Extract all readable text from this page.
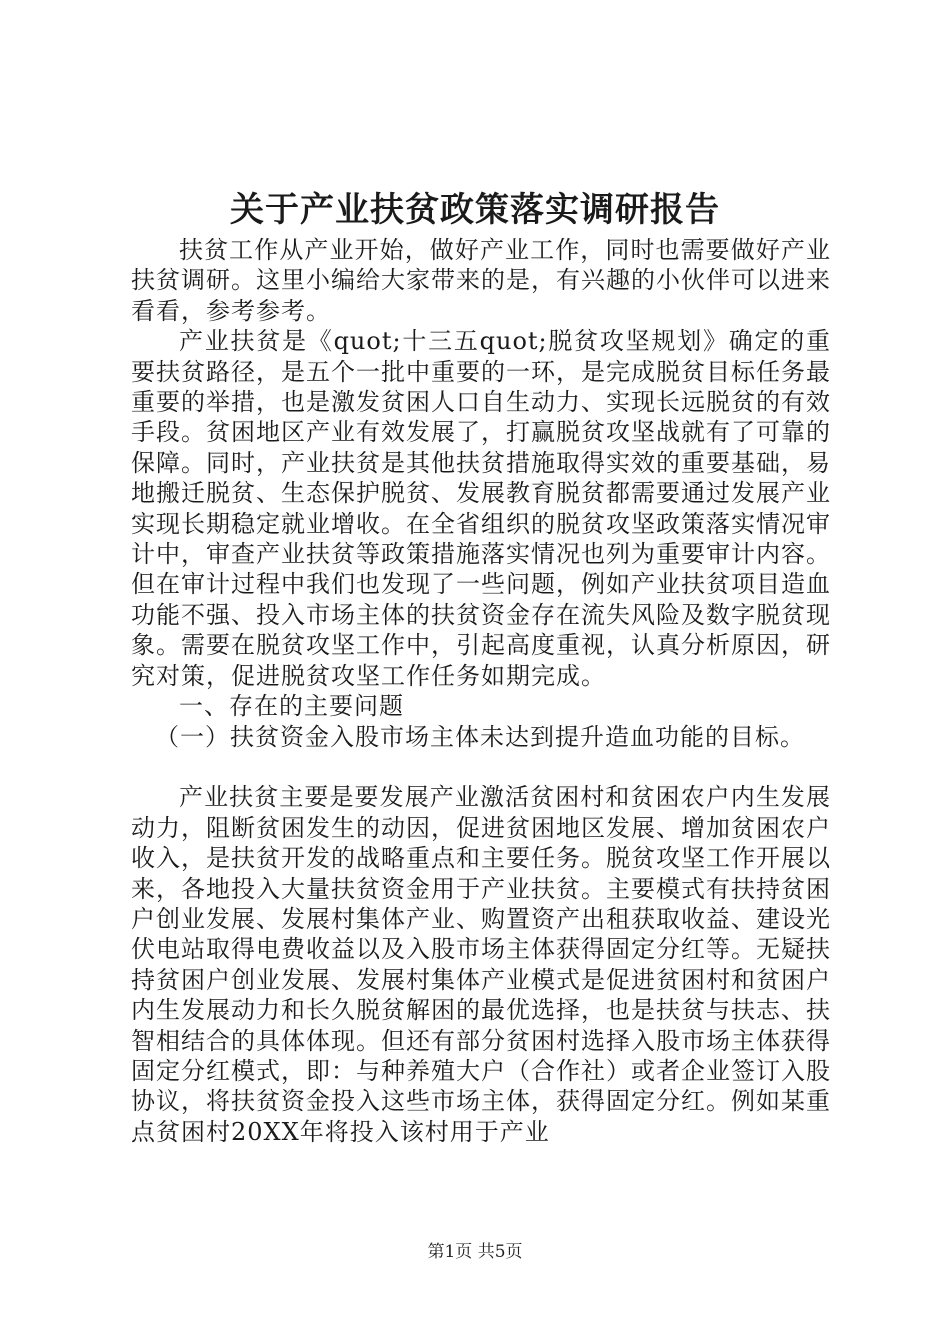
关于产业扶贫政策落实调研报告

扶贫工作从产业开始，做好产业工作，同时也需要做好产业扶贫调研。这里小编给大家带来的是，有兴趣的小伙伴可以进来看看，参考参考。

产业扶贫是《quot;十三五quot;脱贫攻坚规划》确定的重要扶贫路径，是五个一批中重要的一环，是完成脱贫目标任务最重要的举措，也是激发贫困人口自生动力、实现长远脱贫的有效手段。贫困地区产业有效发展了，打赢脱贫攻坚战就有了可靠的保障。同时，产业扶贫是其他扶贫措施取得实效的重要基础，易地搬迁脱贫、生态保护脱贫、发展教育脱贫都需要通过发展产业实现长期稳定就业增收。在全省组织的脱贫攻坚政策落实情况审计中，审查产业扶贫等政策措施落实情况也列为重要审计内容。但在审计过程中我们也发现了一些问题，例如产业扶贫项目造血功能不强、投入市场主体的扶贫资金存在流失风险及数字脱贫现象。需要在脱贫攻坚工作中，引起高度重视，认真分析原因，研究对策，促进脱贫攻坚工作任务如期完成。

一、存在的主要问题

（一）扶贫资金入股市场主体未达到提升造血功能的目标。

产业扶贫主要是要发展产业激活贫困村和贫困农户内生发展动力，阻断贫困发生的动因，促进贫困地区发展、增加贫困农户收入，是扶贫开发的战略重点和主要任务。脱贫攻坚工作开展以来，各地投入大量扶贫资金用于产业扶贫。主要模式有扶持贫困户创业发展、发展村集体产业、购置资产出租获取收益、建设光伏电站取得电费收益以及入股市场主体获得固定分红等。无疑扶持贫困户创业发展、发展村集体产业模式是促进贫困村和贫困户内生发展动力和长久脱贫解困的最优选择，也是扶贫与扶志、扶智相结合的具体体现。但还有部分贫困村选择入股市场主体获得固定分红模式，即：与种养殖大户（合作社）或者企业签订入股协议，将扶贫资金投入这些市场主体，获得固定分红。例如某重点贫困村20XX年将投入该村用于产业

第1页 共5页
